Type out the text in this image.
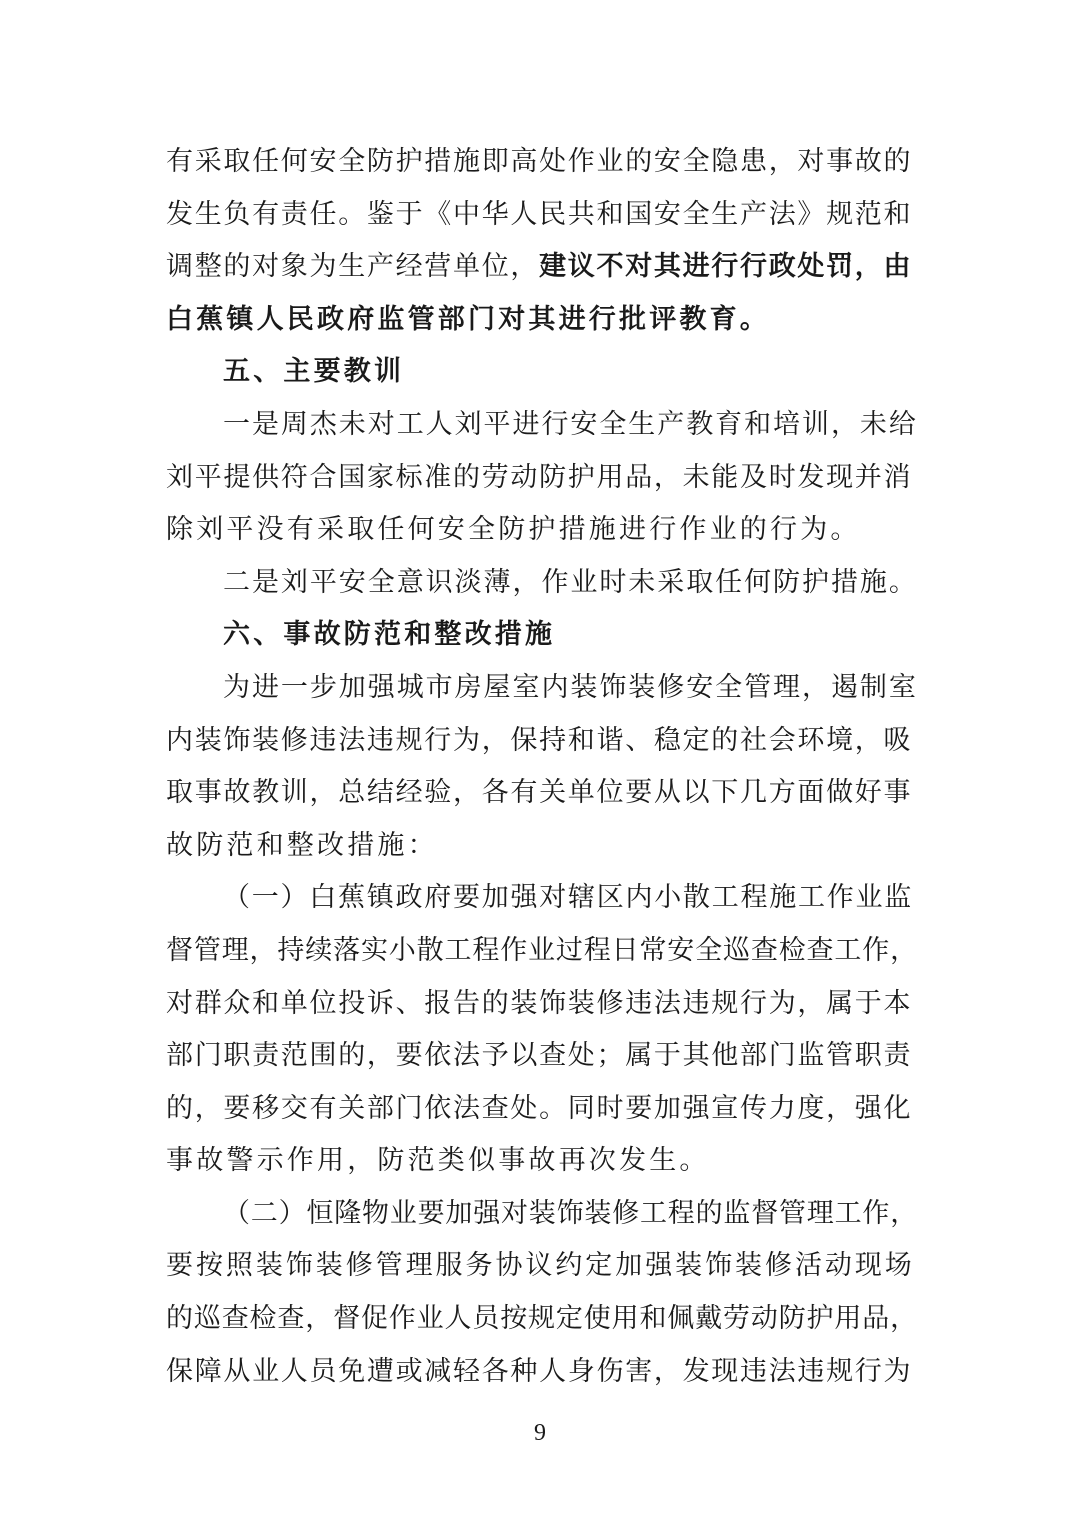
有采取任何安全防护措施即高处作业的安全隐患，对事故的
发生负有责任。鉴于《中华人民共和国安全生产法》规范和
调整的对象为生产经营单位，建议不对其进行行政处罚，由
白蕉镇人民政府监管部门对其进行批评教育。
五、主要教训
一是周杰未对工人刘平进行安全生产教育和培训，未给
刘平提供符合国家标准的劳动防护用品，未能及时发现并消
除刘平没有采取任何安全防护措施进行作业的行为。
二是刘平安全意识淡薄，作业时未采取任何防护措施。
六、事故防范和整改措施
为进一步加强城市房屋室内装饰装修安全管理，遏制室
内装饰装修违法违规行为，保持和谐、稳定的社会环境，吸
取事故教训，总结经验，各有关单位要从以下几方面做好事
故防范和整改措施：
（一）白蕉镇政府要加强对辖区内小散工程施工作业监
督管理，持续落实小散工程作业过程日常安全巡查检查工作，
对群众和单位投诉、报告的装饰装修违法违规行为，属于本
部门职责范围的，要依法予以查处；属于其他部门监管职责
的，要移交有关部门依法查处。同时要加强宣传力度，强化
事故警示作用，防范类似事故再次发生。
（二）恒隆物业要加强对装饰装修工程的监督管理工作，
要按照装饰装修管理服务协议约定加强装饰装修活动现场
的巡查检查，督促作业人员按规定使用和佩戴劳动防护用品，
保障从业人员免遭或减轻各种人身伤害，发现违法违规行为
9
